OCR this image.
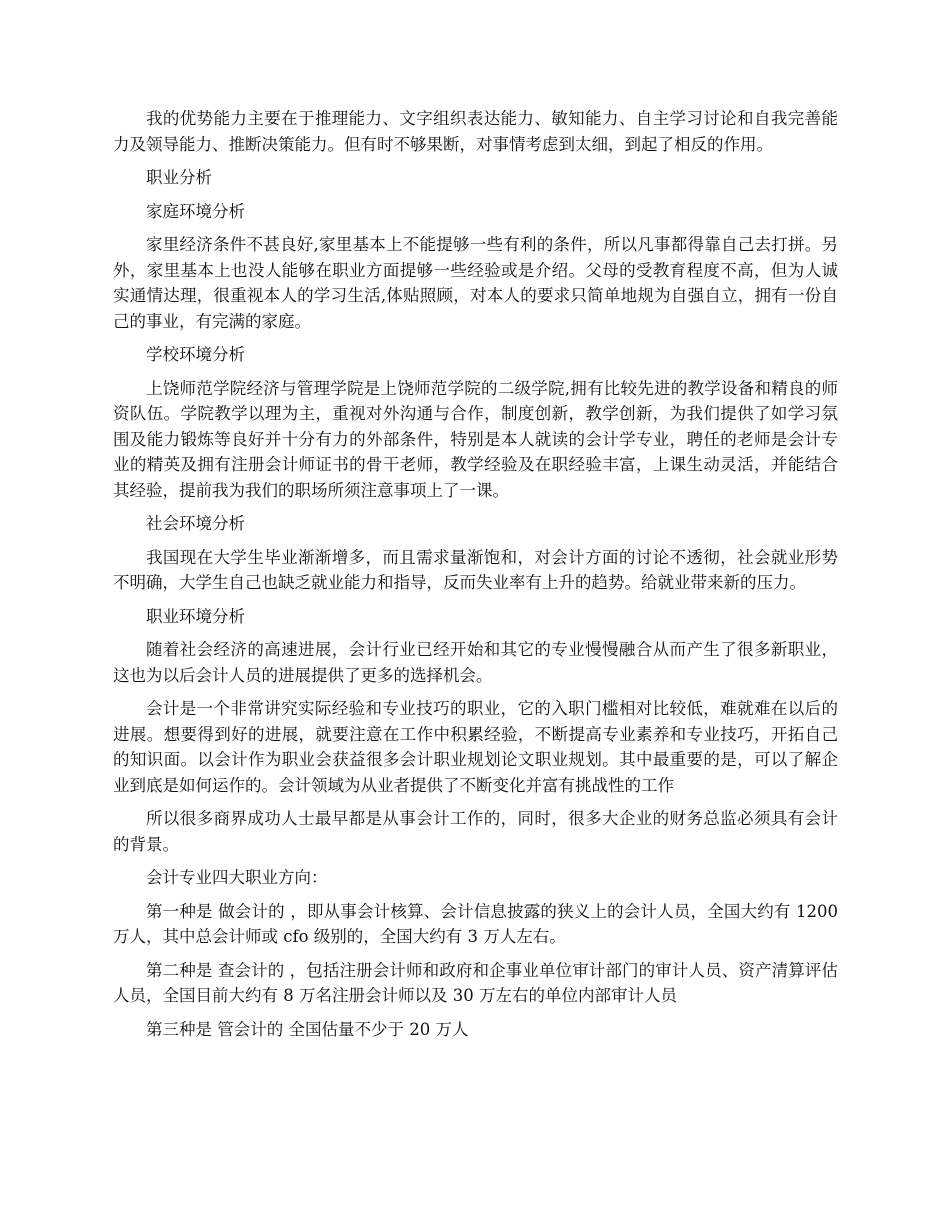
我的优势能力主要在于推理能力、文字组织表达能力、敏知能力、自主学习讨论和自我完善能力及领导能力、推断决策能力。但有时不够果断，对事情考虑到太细，到起了相反的作用。

职业分析

家庭环境分析

家里经济条件不甚良好,家里基本上不能提够一些有利的条件，所以凡事都得靠自己去打拼。另外，家里基本上也没人能够在职业方面提够一些经验或是介绍。父母的受教育程度不高，但为人诚实通情达理，很重视本人的学习生活,体贴照顾，对本人的要求只简单地规为自强自立，拥有一份自己的事业，有完满的家庭。

学校环境分析

上饶师范学院经济与管理学院是上饶师范学院的二级学院,拥有比较先进的教学设备和精良的师资队伍。学院教学以理为主，重视对外沟通与合作，制度创新，教学创新，为我们提供了如学习氛围及能力锻炼等良好并十分有力的外部条件，特别是本人就读的会计学专业，聘任的老师是会计专业的精英及拥有注册会计师证书的骨干老师，教学经验及在职经验丰富，上课生动灵活，并能结合其经验，提前我为我们的职场所须注意事项上了一课。

社会环境分析

我国现在大学生毕业渐渐增多，而且需求量渐饱和，对会计方面的讨论不透彻，社会就业形势不明确，大学生自己也缺乏就业能力和指导，反而失业率有上升的趋势。给就业带来新的压力。

职业环境分析

随着社会经济的高速进展，会计行业已经开始和其它的专业慢慢融合从而产生了很多新职业，这也为以后会计人员的进展提供了更多的选择机会。

会计是一个非常讲究实际经验和专业技巧的职业，它的入职门槛相对比较低，难就难在以后的进展。想要得到好的进展，就要注意在工作中积累经验，不断提高专业素养和专业技巧，开拓自己的知识面。以会计作为职业会获益很多会计职业规划论文职业规划。其中最重要的是，可以了解企业到底是如何运作的。会计领域为从业者提供了不断变化并富有挑战性的工作

所以很多商界成功人士最早都是从事会计工作的，同时，很多大企业的财务总监必须具有会计的背景。

会计专业四大职业方向：

第一种是 做会计的 ，即从事会计核算、会计信息披露的狭义上的会计人员，全国大约有 1200 万人，其中总会计师或 cfo 级别的，全国大约有 3 万人左右。

第二种是 查会计的 ，包括注册会计师和政府和企事业单位审计部门的审计人员、资产清算评估人员，全国目前大约有 8 万名注册会计师以及 30 万左右的单位内部审计人员

第三种是 管会计的 全国估量不少于 20 万人
